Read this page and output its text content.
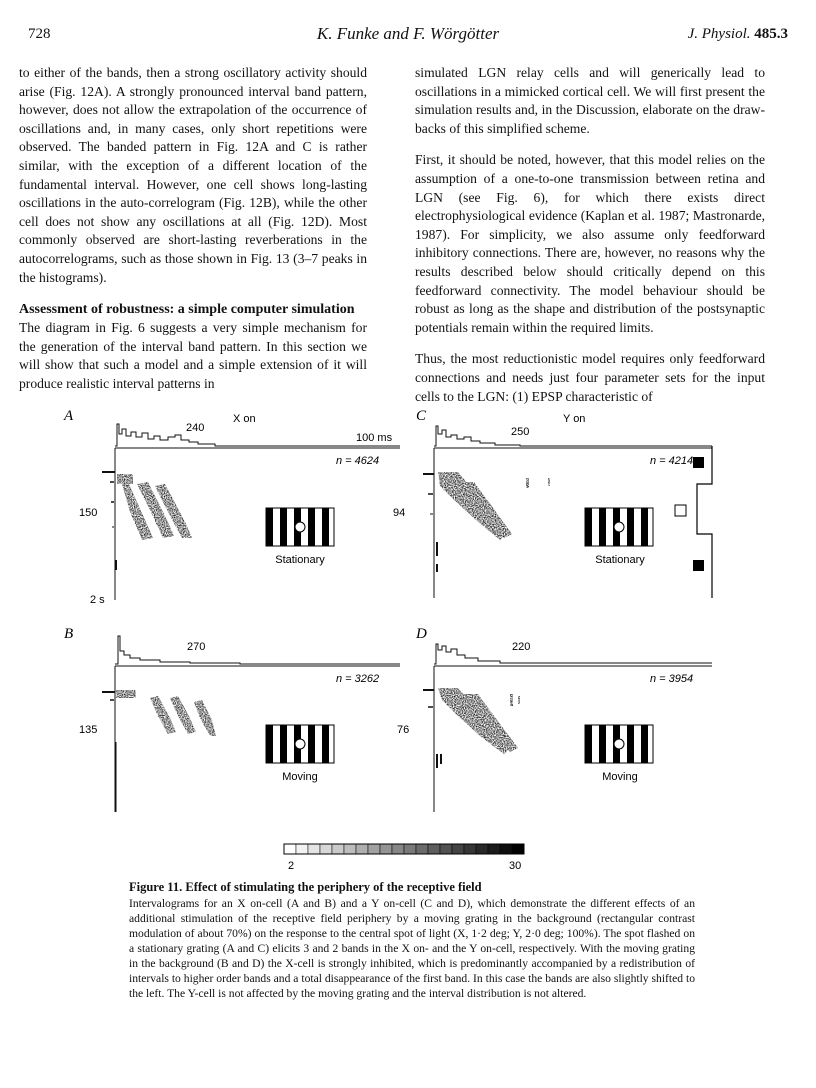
728	K. Funke and F. Wörgötter	J. Physiol. 485.3

to either of the bands, then a strong oscillatory activity should arise (Fig. 12A). A strongly pronounced interval band pattern, however, does not allow the extrapolation of the occurrence of oscillations and, in many cases, only short repetitions were observed. The banded pattern in Fig. 12A and C is rather similar, with the exception of a different location of the fundamental interval. However, one cell shows long-lasting oscillations in the auto-correlogram (Fig. 12B), while the other cell does not show any oscillations at all (Fig. 12D). Most commonly observed are short-lasting reverberations in the autocorrelograms, such as those shown in Fig. 13 (3–7 peaks in the histograms).

Assessment of robustness: a simple computer simulation

The diagram in Fig. 6 suggests a very simple mechanism for the generation of the interval band pattern. In this section we will show that such a model and a simple extension of it will produce realistic interval patterns in

simulated LGN relay cells and will generically lead to oscillations in a mimicked cortical cell. We will first present the simulation results and, in the Discussion, elaborate on the draw-backs of this simplified scheme.

First, it should be noted, however, that this model relies on the assumption of a one-to-one transmission between retina and LGN (see Fig. 6), for which there exists direct electrophysiological evidence (Kaplan et al. 1987; Mastronarde, 1987). For simplicity, we also assume only feedforward inhibitory connections. There are, however, no reasons why the results described below should critically depend on this feedforward connectivity. The model behaviour should be robust as long as the shape and distribution of the postsynaptic potentials remain within the required limits.

Thus, the most reductionistic model requires only feedforward connections and needs just four parameter sets for the input cells to the LGN: (1) EPSP characteristic of

A	X on
240
100 ms
n = 4624
150
2 s
Stationary
C	Y on
250
n = 4214
94
Stationary
B
270
n = 3262
135
Moving
D
220
n = 3954
76
Moving
2	30
Figure 11. Effect of stimulating the periphery of the receptive field
Intervalograms for an X on-cell (A and B) and a Y on-cell (C and D), which demonstrate the different effects of an additional stimulation of the receptive field periphery by a moving grating in the background (rectangular contrast modulation of about 70%) on the response to the central spot of light (X, 1·2 deg; Y, 2·0 deg; 100%). The spot flashed on a stationary grating (A and C) elicits 3 and 2 bands in the X on- and the Y on-cell, respectively. With the moving grating in the background (B and D) the X-cell is strongly inhibited, which is predominantly accompanied by a redistribution of intervals to higher order bands and a total disappearance of the first band. In this case the bands are also slightly shifted to the left. The Y-cell is not affected by the moving grating and the interval distribution is not altered.
